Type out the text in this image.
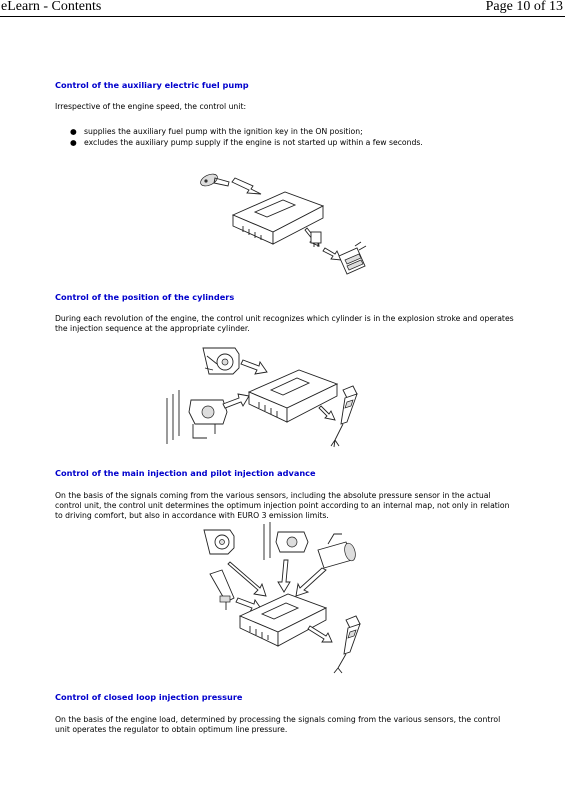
eLearn - Contents	Page 10 of 13
Control of the auxiliary electric fuel pump
Irrespective of the engine speed, the control unit:
● supplies the auxiliary fuel pump with the ignition key in the ON position;
● excludes the auxiliary pump supply if the engine is not started up within a few seconds.
Control of the position of the cylinders
During each revolution of the engine, the control unit recognizes which cylinder is in the explosion stroke and operates the injection sequence at the appropriate cylinder.
Control of the main injection and pilot injection advance
On the basis of the signals coming from the various sensors, including the absolute pressure sensor in the actual control unit, the control unit determines the optimum injection point according to an internal map, not only in relation to driving comfort, but also in accordance with EURO 3 emission limits.
Control of closed loop injection pressure
On the basis of the engine load, determined by processing the signals coming from the various sensors, the control unit operates the regulator to obtain optimum line pressure.
